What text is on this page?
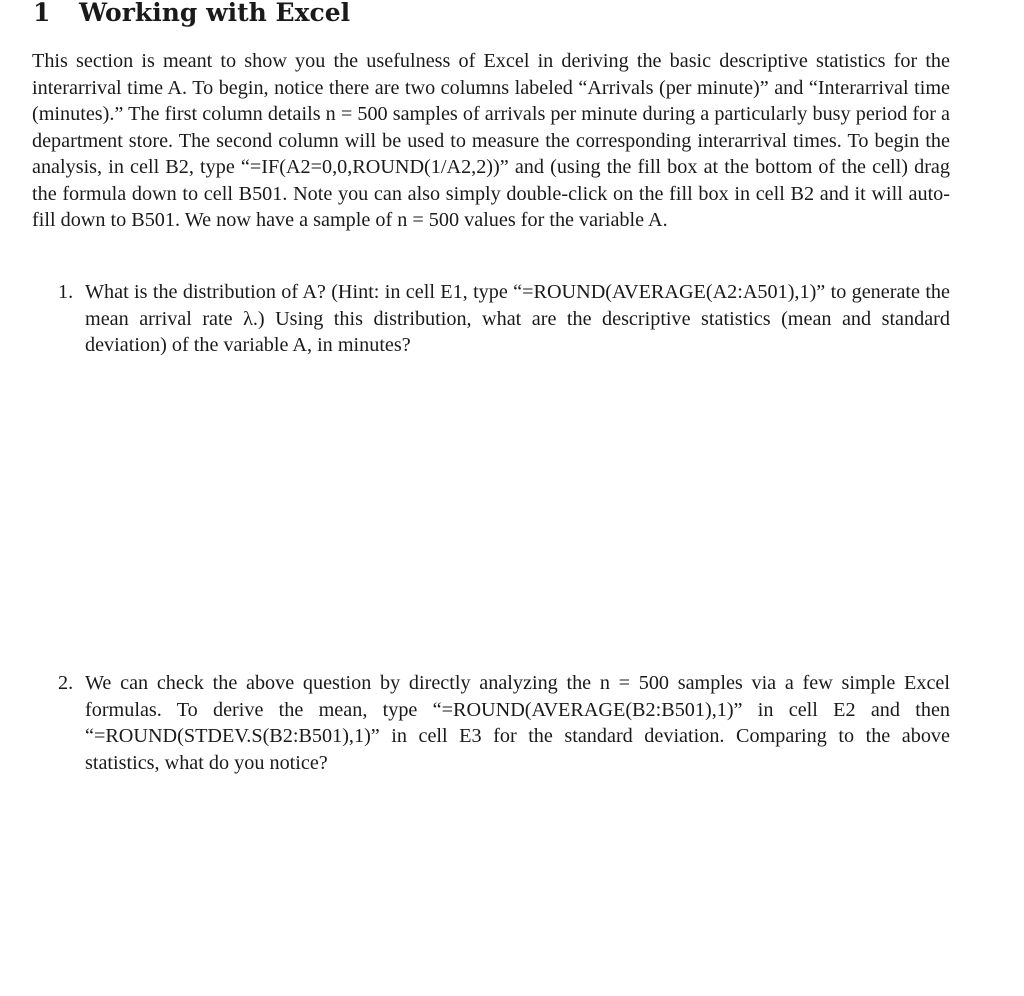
1 Working with Excel

This section is meant to show you the usefulness of Excel in deriving the basic descriptive statistics for the interarrival time A. To begin, notice there are two columns labeled “Arrivals (per minute)” and “Interarrival time (minutes).” The first column details n = 500 samples of arrivals per minute during a particularly busy period for a department store. The second column will be used to measure the corresponding interarrival times. To begin the analysis, in cell B2, type “=IF(A2=0,0,ROUND(1/A2,2))” and (using the fill box at the bottom of the cell) drag the formula down to cell B501. Note you can also simply double-click on the fill box in cell B2 and it will auto-fill down to B501. We now have a sample of n = 500 values for the variable A.

1. What is the distribution of A? (Hint: in cell E1, type “=ROUND(AVERAGE(A2:A501),1)” to generate the mean arrival rate λ.) Using this distribution, what are the descriptive statistics (mean and standard deviation) of the variable A, in minutes?
2. We can check the above question by directly analyzing the n = 500 samples via a few simple Excel formulas. To derive the mean, type “=ROUND(AVERAGE(B2:B501),1)” in cell E2 and then “=ROUND(STDEV.S(B2:B501),1)” in cell E3 for the standard deviation. Comparing to the above statistics, what do you notice?
